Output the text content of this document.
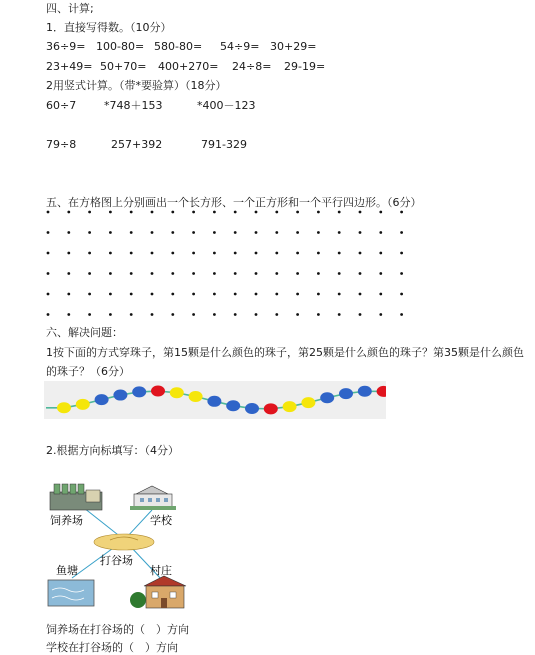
四、计算;
1．直接写得数。（10分）
36÷9= 100-80= 580-80=	54÷9= 30+29=
23+49= 50+70=	400+270=	24÷8=	29-19=
2用竖式计算。（带*要验算）（18分）
60÷7	*748＋153	*400－123
79÷8	257+392	791-329
五、在方格图上分别画出一个长方形、一个正方形和一个平行四边形。（6分）
六、解决问题：
1按下面的方式穿珠子，第15颗是什么颜色的珠子，第25颗是什么颜色的珠子？第35颗是什么颜色
的珠子？（6分）
2.根据方向标填写：（4分）
饲养场	学校
打谷场
鱼塘	村庄
饲养场在打谷场的（　）方向
学校在打谷场的（　）方向
